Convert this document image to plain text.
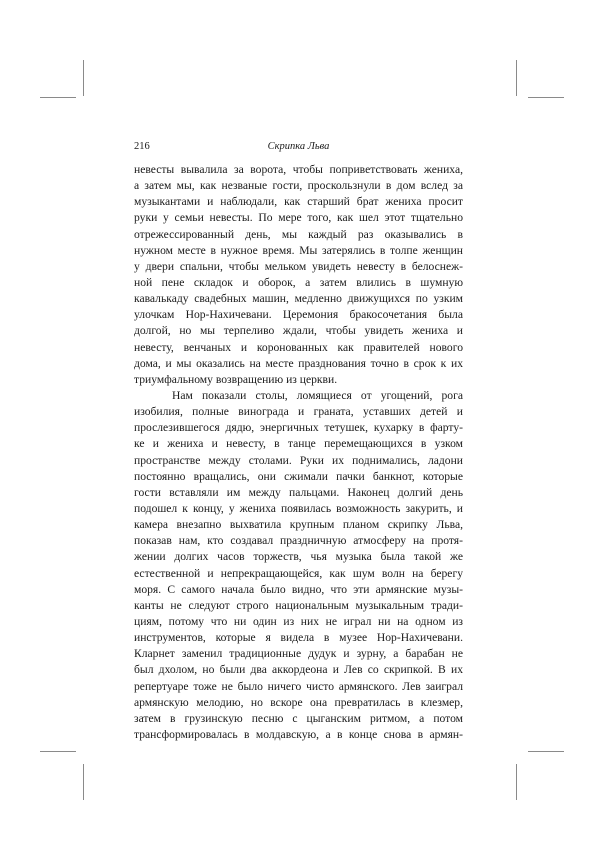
216	Скрипка Льва
невесты вывалила за ворота, чтобы поприветствовать жениха,
а затем мы, как незваные гости, проскользнули в дом вслед за
музыкантами и наблюдали, как старший брат жениха просит
руки у семьи невесты. По мере того, как шел этот тщательно
отрежессированный день, мы каждый раз оказывались в
нужном месте в нужное время. Мы затерялись в толпе женщин
у двери спальни, чтобы мельком увидеть невесту в белоснеж-
ной пене складок и оборок, а затем влились в шумную
кавалькаду свадебных машин, медленно движущихся по узким
улочкам Нор-Нахичевани. Церемония бракосочетания была
долгой, но мы терпеливо ждали, чтобы увидеть жениха и
невесту, венчаных и коронованных как правителей нового
дома, и мы оказались на месте празднования точно в срок к их
триумфальному возвращению из церкви.
Нам показали столы, ломящиеся от угощений, рога
изобилия, полные винограда и граната, уставших детей и
прослезившегося дядю, энергичных тетушек, кухарку в фарту-
ке и жениха и невесту, в танце перемещающихся в узком
пространстве между столами. Руки их поднимались, ладони
постоянно вращались, они сжимали пачки банкнот, которые
гости вставляли им между пальцами. Наконец долгий день
подошел к концу, у жениха появилась возможность закурить, и
камера внезапно выхватила крупным планом скрипку Льва,
показав нам, кто создавал праздничную атмосферу на протя-
жении долгих часов торжеств, чья музыка была такой же
естественной и непрекращающейся, как шум волн на берегу
моря. С самого начала было видно, что эти армянские музы-
канты не следуют строго национальным музыкальным тради-
циям, потому что ни один из них не играл ни на одном из
инструментов, которые я видела в музее Нор-Нахичевани.
Кларнет заменил традиционные дудук и зурну, а барабан не
был дхолом, но были два аккордеона и Лев со скрипкой. В их
репертуаре тоже не было ничего чисто армянского. Лев заиграл
армянскую мелодию, но вскоре она превратилась в клезмер,
затем в грузинскую песню с цыганским ритмом, а потом
трансформировалась в молдавскую, а в конце снова в армян-
